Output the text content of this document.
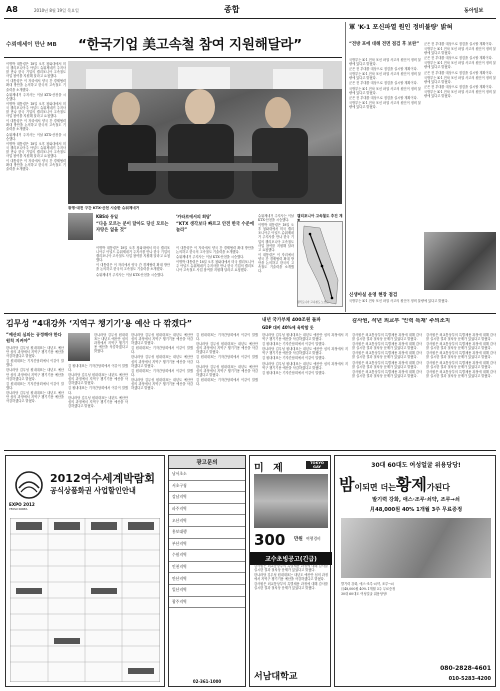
A8	2010년 8월 19일 목요일	종합	동아일보
수뢰예세이 만난 MB “한국기업 美고속철 참여 지원해달라”

이명박 대통령은 18일 오후 청와대에서 미국 캘리포니아주 아널드 슈워제네거 주지사를 만나 한국 기업의 캘리포니아 고속철도 사업 참여를 지원해 달라고 요청했다.

이 대통령은 이 자리에서 양국 간 경제협력 확대 방안을 논의하고 한국의 고속철도 기술력을 소개했다.

슈워제네거 주지사는 이날 KTX-산천을 시승했다.

이명박 대통령은 18일 오후 청와대에서 미국 캘리포니아주 아널드 슈워제네거 주지사를 만나 한국 기업의 캘리포니아 고속철도 사업 참여를 지원해 달라고 요청했다.

이 대통령은 이 자리에서 양국 간 경제협력 확대 방안을 논의하고 한국의 고속철도 기술력을 소개했다.

슈워제네거 주지사는 이날 KTX-산천을 시승했다.

이명박 대통령은 18일 오후 청와대에서 미국 캘리포니아주 아널드 슈워제네거 주지사를 만나 한국 기업의 캘리포니아 고속철도 사업 참여를 지원해 달라고 요청했다.

이 대통령은 이 자리에서 양국 간 경제협력 확대 방안을 논의하고 한국의 고속철도 기술력을 소개했다.

광명-대전 구간 KTX-산천 시승한 슈워제네거
KBS와 동일
“다음 모르는 분이 달아도 당신 모르는 자랑은 없을 것”
‘카타르에서의 회담’
“KTX 생각보다 빠르고 안전 한국 수준에 놀라”

이명박 대통령은 18일 오후 청와대에서 미국 캘리포니아주 아널드 슈워제네거 주지사를 만나 한국 기업의 캘리포니아 고속철도 사업 참여를 지원해 달라고 요청했다.

이 대통령은 이 자리에서 양국 간 경제협력 확대 방안을 논의하고 한국의 고속철도 기술력을 소개했다.

슈워제네거 주지사는 이날 KTX-산천을 시승했다.

이 대통령은 이 자리에서 양국 간 경제협력 확대 방안을 논의하고 한국의 고속철도 기술력을 소개했다.

슈워제네거 주지사는 이날 KTX-산천을 시승했다.

이명박 대통령은 18일 오후 청와대에서 미국 캘리포니아주 아널드 슈워제네거 주지사를 만나 한국 기업의 캘리포니아 고속철도 사업 참여를 지원해 달라고 요청했다.

슈워제네거 주지사는 이날 KTX-산천을 시승했다.

이명박 대통령은 18일 오후 청와대에서 미국 캘리포니아주 아널드 슈워제네거 주지사를 만나 한국 기업의 캘리포니아 고속철도 사업 참여를 지원해 달라고 요청했다.

이 대통령은 이 자리에서 양국 간 경제협력 확대 방안을 논의하고 한국의 고속철도 기술력을 소개했다.

캘리포니아 고속철도 추진 계
캘리포니아 고속철도 노선도
軍 'K-1 포신파열 원인 정비불량' 밝혀
“전방 포에 대해 전면 점검 후 보완”

국방부는 K-1 전차 포신 파열 사고의 원인이 정비 불량에 있다고 밝혔다.

군은 전 부대를 대상으로 점검을 실시할 계획이다.

국방부는 K-1 전차 포신 파열 사고의 원인이 정비 불량에 있다고 밝혔다.

군은 전 부대를 대상으로 점검을 실시할 계획이다.

국방부는 K-1 전차 포신 파열 사고의 원인이 정비 불량에 있다고 밝혔다.

군은 전 부대를 대상으로 점검을 실시할 계획이다.

국방부는 K-1 전차 포신 파열 사고의 원인이 정비 불량에 있다고 밝혔다.

군은 전 부대를 대상으로 점검을 실시할 계획이다.

국방부는 K-1 전차 포신 파열 사고의 원인이 정비 불량에 있다고 밝혔다.

군은 전 부대를 대상으로 점검을 실시할 계획이다.

국방부는 K-1 전차 포신 파열 사고의 원인이 정비 불량에 있다고 밝혔다.

군은 전 부대를 대상으로 점검을 실시할 계획이다.

국방부는 K-1 전차 포신 파열 사고의 원인이 정비 불량에 있다고 밝혔다.

군은 전 부대를 대상으로 점검을 실시할 계획이다.

국방부는 K-1 전차 포신 파열 사고의 원인이 정비 불량에 있다고 밝혔다.

신생아실 운영 현장 점검

국방부는 K-1 전차 포신 파열 사고의 원인이 정비 불량에 있다고 밝혔다.

김무성 “4대강外 ‘지역구 챙기기’용 예산 다 깎겠다”
“예산의 심의는 공정해야 한다 원칙 지켜야”

한나라당 김무성 원내대표는 내년도 예산안 심의 과정에서 지역구 챙기기용 예산을 삭감하겠다고 밝혔다.

김 원내대표는 기자간담회에서 이같이 말했다.

한나라당 김무성 원내대표는 내년도 예산안 심의 과정에서 지역구 챙기기용 예산을 삭감하겠다고 밝혔다.

김 원내대표는 기자간담회에서 이같이 말했다.

한나라당 김무성 원내대표는 내년도 예산안 심의 과정에서 지역구 챙기기용 예산을 삭감하겠다고 밝혔다.

김 원내대표는 기자간담회에서 이같이 말했다.

한나라당 김무성 원내대표는 내년도 예산안 심의 과정에서 지역구 챙기기용 예산을 삭감하겠다고 밝혔다.

김 원내대표는 기자간담회에서 이같이 말했다.

한나라당 김무성 원내대표는 내년도 예산안 심의 과정에서 지역구 챙기기용 예산을 삭감하겠다고 밝혔다.

한나라당 김무성 원내대표는 내년도 예산안 심의 과정에서 지역구 챙기기용 예산을 삭감하겠다고 밝혔다.

한나라당 김무성 원내대표는 내년도 예산안 심의 과정에서 지역구 챙기기용 예산을 삭감하겠다고 밝혔다.

김 원내대표는 기자간담회에서 이같이 말했다.

한나라당 김무성 원내대표는 내년도 예산안 심의 과정에서 지역구 챙기기용 예산을 삭감하겠다고 밝혔다.

김 원내대표는 기자간담회에서 이같이 말했다.

한나라당 김무성 원내대표는 내년도 예산안 심의 과정에서 지역구 챙기기용 예산을 삭감하겠다고 밝혔다.

김 원내대표는 기자간담회에서 이같이 말했다.

한나라당 김무성 원내대표는 내년도 예산안 심의 과정에서 지역구 챙기기용 예산을 삭감하겠다고 밝혔다.

김 원내대표는 기자간담회에서 이같이 말했다.

한나라당 김무성 원내대표는 내년도 예산안 심의 과정에서 지역구 챙기기용 예산을 삭감하겠다고 밝혔다.

김 원내대표는 기자간담회에서 이같이 말했다.

내년 국가부채 400조원 돌파
GDP 대비 40%에 육박할 듯

한나라당 김무성 원내대표는 내년도 예산안 심의 과정에서 지역구 챙기기용 예산을 삭감하겠다고 밝혔다.

김 원내대표는 기자간담회에서 이같이 말했다.

한나라당 김무성 원내대표는 내년도 예산안 심의 과정에서 지역구 챙기기용 예산을 삭감하겠다고 밝혔다.

김 원내대표는 기자간담회에서 이같이 말했다.

한나라당 김무성 원내대표는 내년도 예산안 심의 과정에서 지역구 챙기기용 예산을 삭감하겠다고 밝혔다.

김 원내대표는 기자간담회에서 이같이 말했다.

감사원, 작년 외교부 '인력 특채' 주의조치

감사원은 외교통상부의 특별채용 과정에 대해 감사를 실시한 결과 절차상 문제가 있었다고 밝혔다.

감사원은 외교통상부의 특별채용 과정에 대해 감사를 실시한 결과 절차상 문제가 있었다고 밝혔다.

감사원은 외교통상부의 특별채용 과정에 대해 감사를 실시한 결과 절차상 문제가 있었다고 밝혔다.

감사원은 외교통상부의 특별채용 과정에 대해 감사를 실시한 결과 절차상 문제가 있었다고 밝혔다.

감사원은 외교통상부의 특별채용 과정에 대해 감사를 실시한 결과 절차상 문제가 있었다고 밝혔다.

감사원은 외교통상부의 특별채용 과정에 대해 감사를 실시한 결과 절차상 문제가 있었다고 밝혔다.

감사원은 외교통상부의 특별채용 과정에 대해 감사를 실시한 결과 절차상 문제가 있었다고 밝혔다.

감사원은 외교통상부의 특별채용 과정에 대해 감사를 실시한 결과 절차상 문제가 있었다고 밝혔다.

감사원은 외교통상부의 특별채용 과정에 대해 감사를 실시한 결과 절차상 문제가 있었다고 밝혔다.

감사원은 외교통상부의 특별채용 과정에 대해 감사를 실시한 결과 절차상 문제가 있었다고 밝혔다.

EXPO 2012
YEOSU KOREA
2012여수세계박람회
공식상품화권 사업할인안내
광고문의
남서초소
서초구청
강남지역
파주지역
오산지역
홍보대행
부산지역
수원지역
인천지역
안산지역
일산지역
광주지역
02-361-1000
미 제	TOKYO GAY
300 만원 여행경비
교수초빙공고(긴급)

감사원은 외교통상부의 특별채용 과정에 대해 감사를 실시한 결과 절차상 문제가 있었다고 밝혔다.

한나라당 김무성 원내대표는 내년도 예산안 심의 과정에서 지역구 챙기기용 예산을 삭감하겠다고 밝혔다.

감사원은 외교통상부의 특별채용 과정에 대해 감사를 실시한 결과 절차상 문제가 있었다고 밝혔다.

서남대학교
30대 60대도 여성얼굴 위용당당!
밤이되면 더는황제가된다
발기력 강화, 애스·조루·쇠약, 조루→쇠
月48,000원 40% 1개월 3주 무료증정

발기력 강화, 애스·조루·쇠약, 조루→쇠

月48,000원 40% 1개월 3주 무료증정

30대 60대도 여성얼굴 위용당당!

080-2828-4601
010-5283-4200
